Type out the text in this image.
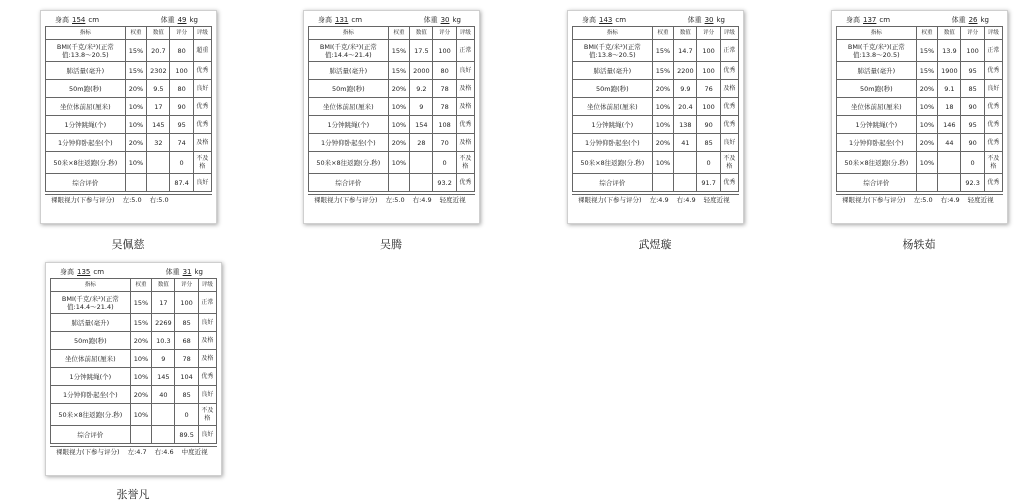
身高 154 cm	体重 49 kg
指标	权重	数值	评分	评级
BMI(千克/米²)(正常值:13.8～20.5)	15%	20.7	80	超重
肺活量(毫升)	15%	2302	100	优秀
50m跑(秒)	20%	9.5	80	良好
坐位体前屈(厘米)	10%	17	90	优秀
1分钟跳绳(个)	10%	145	95	优秀
1分钟仰卧起坐(个)	20%	32	74	及格
50米×8往返跑(分.秒)	10%		0	不及格
综合评价			87.4	良好
裸眼视力(下参与评分) 左:5.0 右:5.0
吴佩慈
身高 131 cm	体重 30 kg
指标	权重	数值	评分	评级
BMI(千克/米²)(正常值:14.4～21.4)	15%	17.5	100	正常
肺活量(毫升)	15%	2000	80	良好
50m跑(秒)	20%	9.2	78	及格
坐位体前屈(厘米)	10%	9	78	及格
1分钟跳绳(个)	10%	154	108	优秀
1分钟仰卧起坐(个)	20%	28	70	及格
50米×8往返跑(分.秒)	10%		0	不及格
综合评价			93.2	优秀
裸眼视力(下参与评分) 左:5.0 右:4.9 轻度近视
吴腾
身高 143 cm	体重 30 kg
指标	权重	数值	评分	评级
BMI(千克/米²)(正常值:13.8～20.5)	15%	14.7	100	正常
肺活量(毫升)	15%	2200	100	优秀
50m跑(秒)	20%	9.9	76	及格
坐位体前屈(厘米)	10%	20.4	100	优秀
1分钟跳绳(个)	10%	138	90	优秀
1分钟仰卧起坐(个)	20%	41	85	良好
50米×8往返跑(分.秒)	10%		0	不及格
综合评价			91.7	优秀
裸眼视力(下参与评分) 左:4.9 右:4.9 轻度近视
武煜璇
身高 137 cm	体重 26 kg
指标	权重	数值	评分	评级
BMI(千克/米²)(正常值:13.8～20.5)	15%	13.9	100	正常
肺活量(毫升)	15%	1900	95	优秀
50m跑(秒)	20%	9.1	85	良好
坐位体前屈(厘米)	10%	18	90	优秀
1分钟跳绳(个)	10%	146	95	优秀
1分钟仰卧起坐(个)	20%	44	90	优秀
50米×8往返跑(分.秒)	10%		0	不及格
综合评价			92.3	优秀
裸眼视力(下参与评分) 左:5.0 右:4.9 轻度近视
杨轶茹
身高 135 cm	体重 31 kg
指标	权重	数值	评分	评级
BMI(千克/米²)(正常值:14.4～21.4)	15%	17	100	正常
肺活量(毫升)	15%	2269	85	良好
50m跑(秒)	20%	10.3	68	及格
坐位体前屈(厘米)	10%	9	78	及格
1分钟跳绳(个)	10%	145	104	优秀
1分钟仰卧起坐(个)	20%	40	85	良好
50米×8往返跑(分.秒)	10%		0	不及格
综合评价			89.5	良好
裸眼视力(下参与评分) 左:4.7 右:4.6 中度近视
张誉凡
